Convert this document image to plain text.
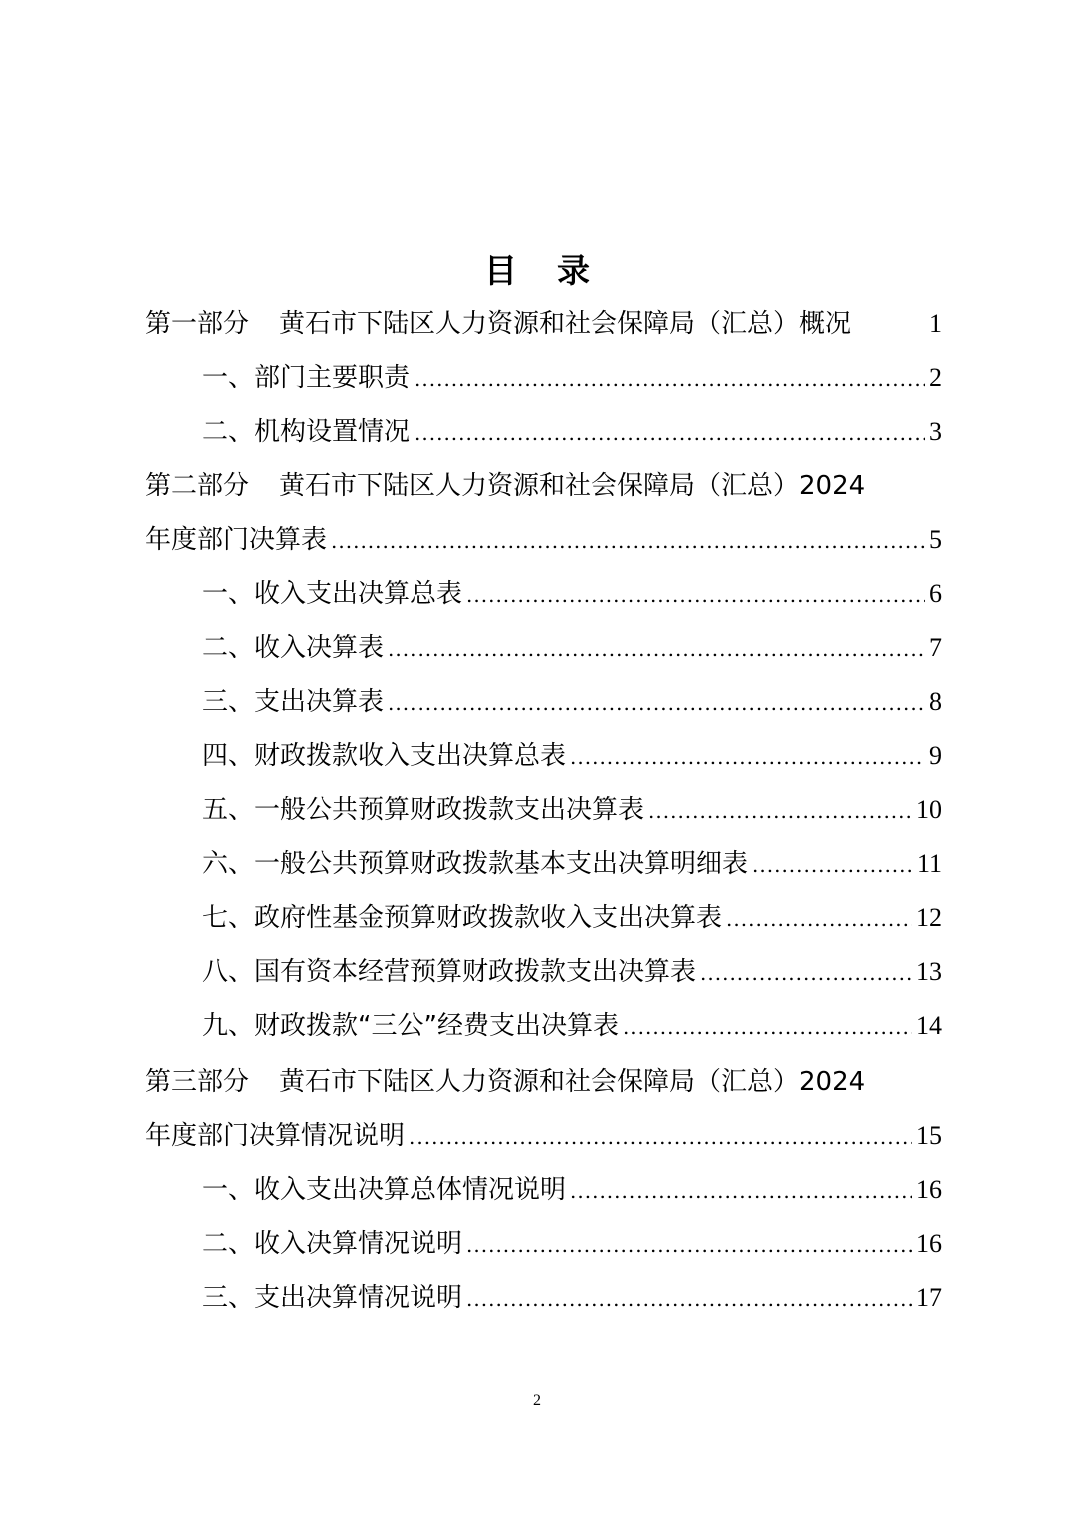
目 录
第一部分 黄石市下陆区人力资源和社会保障局（汇总）概况	1
一、部门主要职责 .....	2
二、机构设置情况 .....	3
第二部分 黄石市下陆区人力资源和社会保障局（汇总）2024
年度部门决算表 .....	5
一、收入支出决算总表 .....	6
二、收入决算表 .....	7
三、支出决算表 .....	8
四、财政拨款收入支出决算总表 .....	9
五、一般公共预算财政拨款支出决算表 .....	10
六、一般公共预算财政拨款基本支出决算明细表 .....	11
七、政府性基金预算财政拨款收入支出决算表 .....	12
八、国有资本经营预算财政拨款支出决算表 .....	13
九、财政拨款“三公”经费支出决算表 .....	14
第三部分 黄石市下陆区人力资源和社会保障局（汇总）2024
年度部门决算情况说明 .....	15
一、收入支出决算总体情况说明 .....	16
二、收入决算情况说明 .....	16
三、支出决算情况说明 .....	17
2
